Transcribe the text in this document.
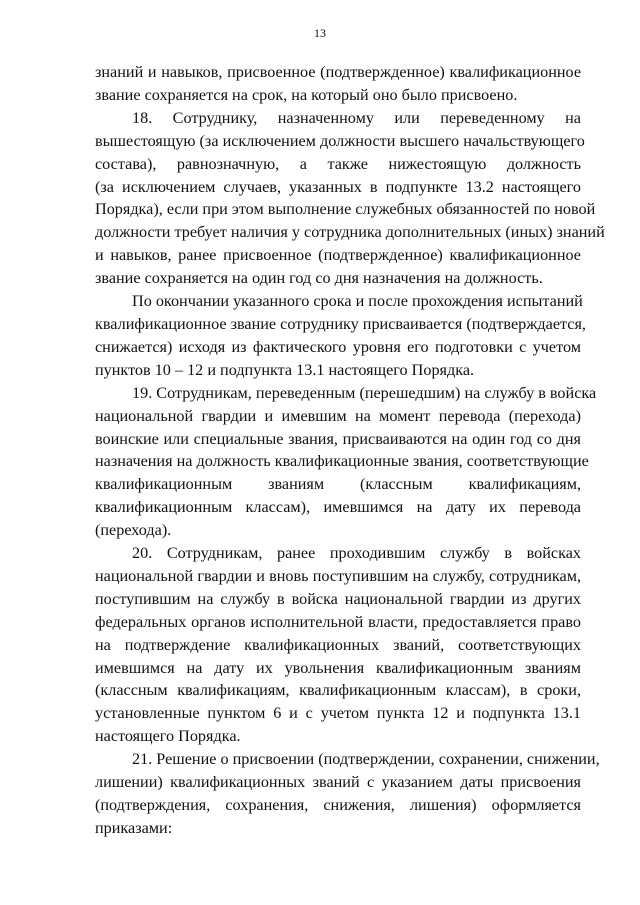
13
знаний и навыков, присвоенное (подтвержденное) квалификационное
звание сохраняется на срок, на который оно было присвоено.
18. Сотруднику, назначенному или переведенному на
вышестоящую (за исключением должности высшего начальствующего
состава), равнозначную, а также нижестоящую должность
(за исключением случаев, указанных в подпункте 13.2 настоящего
Порядка), если при этом выполнение служебных обязанностей по новой
должности требует наличия у сотрудника дополнительных (иных) знаний
и навыков, ранее присвоенное (подтвержденное) квалификационное
звание сохраняется на один год со дня назначения на должность.
По окончании указанного срока и после прохождения испытаний
квалификационное звание сотруднику присваивается (подтверждается,
снижается) исходя из фактического уровня его подготовки с учетом
пунктов 10 – 12 и подпункта 13.1 настоящего Порядка.
19. Сотрудникам, переведенным (перешедшим) на службу в войска
национальной гвардии и имевшим на момент перевода (перехода)
воинские или специальные звания, присваиваются на один год со дня
назначения на должность квалификационные звания, соответствующие
квалификационным званиям (классным квалификациям,
квалификационным классам), имевшимся на дату их перевода
(перехода).
20. Сотрудникам, ранее проходившим службу в войсках
национальной гвардии и вновь поступившим на службу, сотрудникам,
поступившим на службу в войска национальной гвардии из других
федеральных органов исполнительной власти, предоставляется право
на подтверждение квалификационных званий, соответствующих
имевшимся на дату их увольнения квалификационным званиям
(классным квалификациям, квалификационным классам), в сроки,
установленные пунктом 6 и с учетом пункта 12 и подпункта 13.1
настоящего Порядка.
21. Решение о присвоении (подтверждении, сохранении, снижении,
лишении) квалификационных званий с указанием даты присвоения
(подтверждения, сохранения, снижения, лишения) оформляется
приказами:
